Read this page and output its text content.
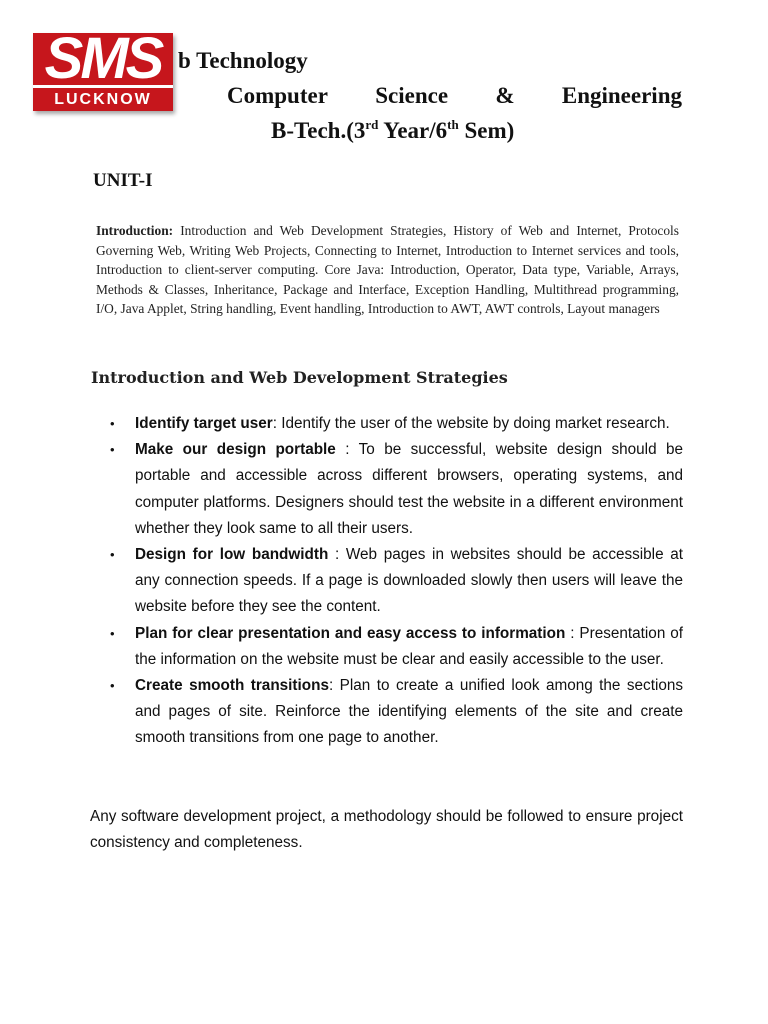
SMS
LUCKNOW
b Technology
Computer Science & Engineering
B-Tech.(3rd Year/6th Sem)
UNIT-I
Introduction: Introduction and Web Development Strategies, History of Web and Internet, Protocols Governing Web, Writing Web Projects, Connecting to Internet, Introduction to Internet services and tools, Introduction to client-server computing. Core Java: Introduction, Operator, Data type, Variable, Arrays, Methods & Classes, Inheritance, Package and Interface, Exception Handling, Multithread programming, I/O, Java Applet, String handling, Event handling, Introduction to AWT, AWT controls, Layout managers
Introduction and Web Development Strategies
• Identify target user: Identify the user of the website by doing market research.
• Make our design portable : To be successful, website design should be portable and accessible across different browsers, operating systems, and computer platforms. Designers should test the website in a different environment whether they look same to all their users.
• Design for low bandwidth : Web pages in websites should be accessible at any connection speeds. If a page is downloaded slowly then users will leave the website before they see the content.
• Plan for clear presentation and easy access to information : Presentation of the information on the website must be clear and easily accessible to the user.
• Create smooth transitions: Plan to create a unified look among the sections and pages of site. Reinforce the identifying elements of the site and create smooth transitions from one page to another.
Any software development project, a methodology should be followed to ensure project consistency and completeness.
